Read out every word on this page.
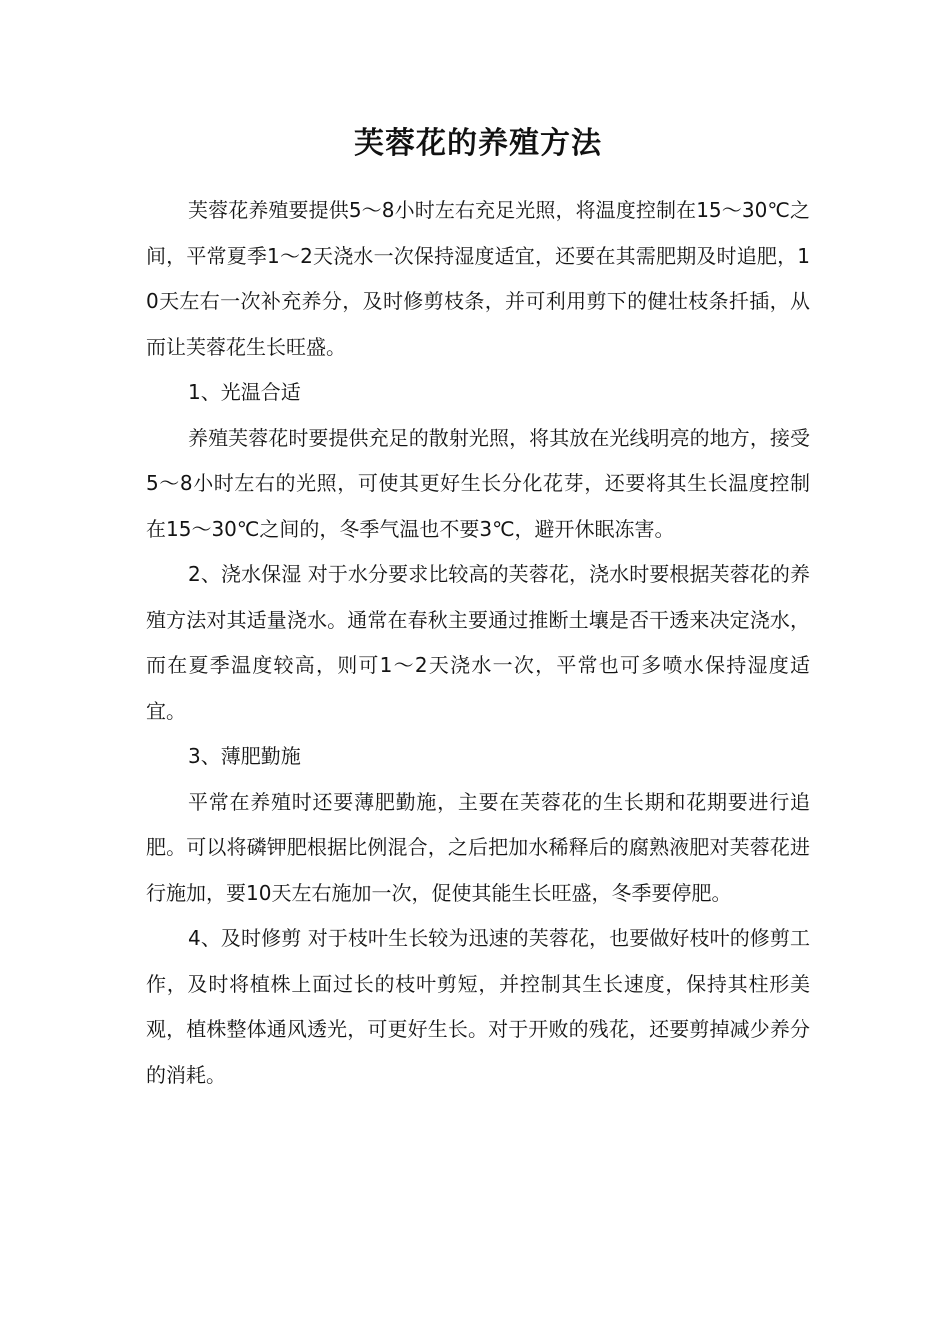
芙蓉花的养殖方法

芙蓉花养殖要提供5～8小时左右充足光照，将温度控制在15～30℃之间，平常夏季1～2天浇水一次保持湿度适宜，还要在其需肥期及时追肥，10天左右一次补充养分，及时修剪枝条，并可利用剪下的健壮枝条扦插，从而让芙蓉花生长旺盛。

1、光温合适

养殖芙蓉花时要提供充足的散射光照，将其放在光线明亮的地方，接受5～8小时左右的光照，可使其更好生长分化花芽，还要将其生长温度控制在15～30℃之间的，冬季气温也不要3℃，避开休眠冻害。

2、浇水保湿 对于水分要求比较高的芙蓉花，浇水时要根据芙蓉花的养殖方法对其适量浇水。通常在春秋主要通过推断土壤是否干透来决定浇水，而在夏季温度较高，则可1～2天浇水一次，平常也可多喷水保持湿度适宜。

3、薄肥勤施

平常在养殖时还要薄肥勤施，主要在芙蓉花的生长期和花期要进行追肥。可以将磷钾肥根据比例混合，之后把加水稀释后的腐熟液肥对芙蓉花进行施加，要10天左右施加一次，促使其能生长旺盛，冬季要停肥。

4、及时修剪 对于枝叶生长较为迅速的芙蓉花，也要做好枝叶的修剪工作，及时将植株上面过长的枝叶剪短，并控制其生长速度，保持其柱形美观，植株整体通风透光，可更好生长。对于开败的残花，还要剪掉减少养分的消耗。
